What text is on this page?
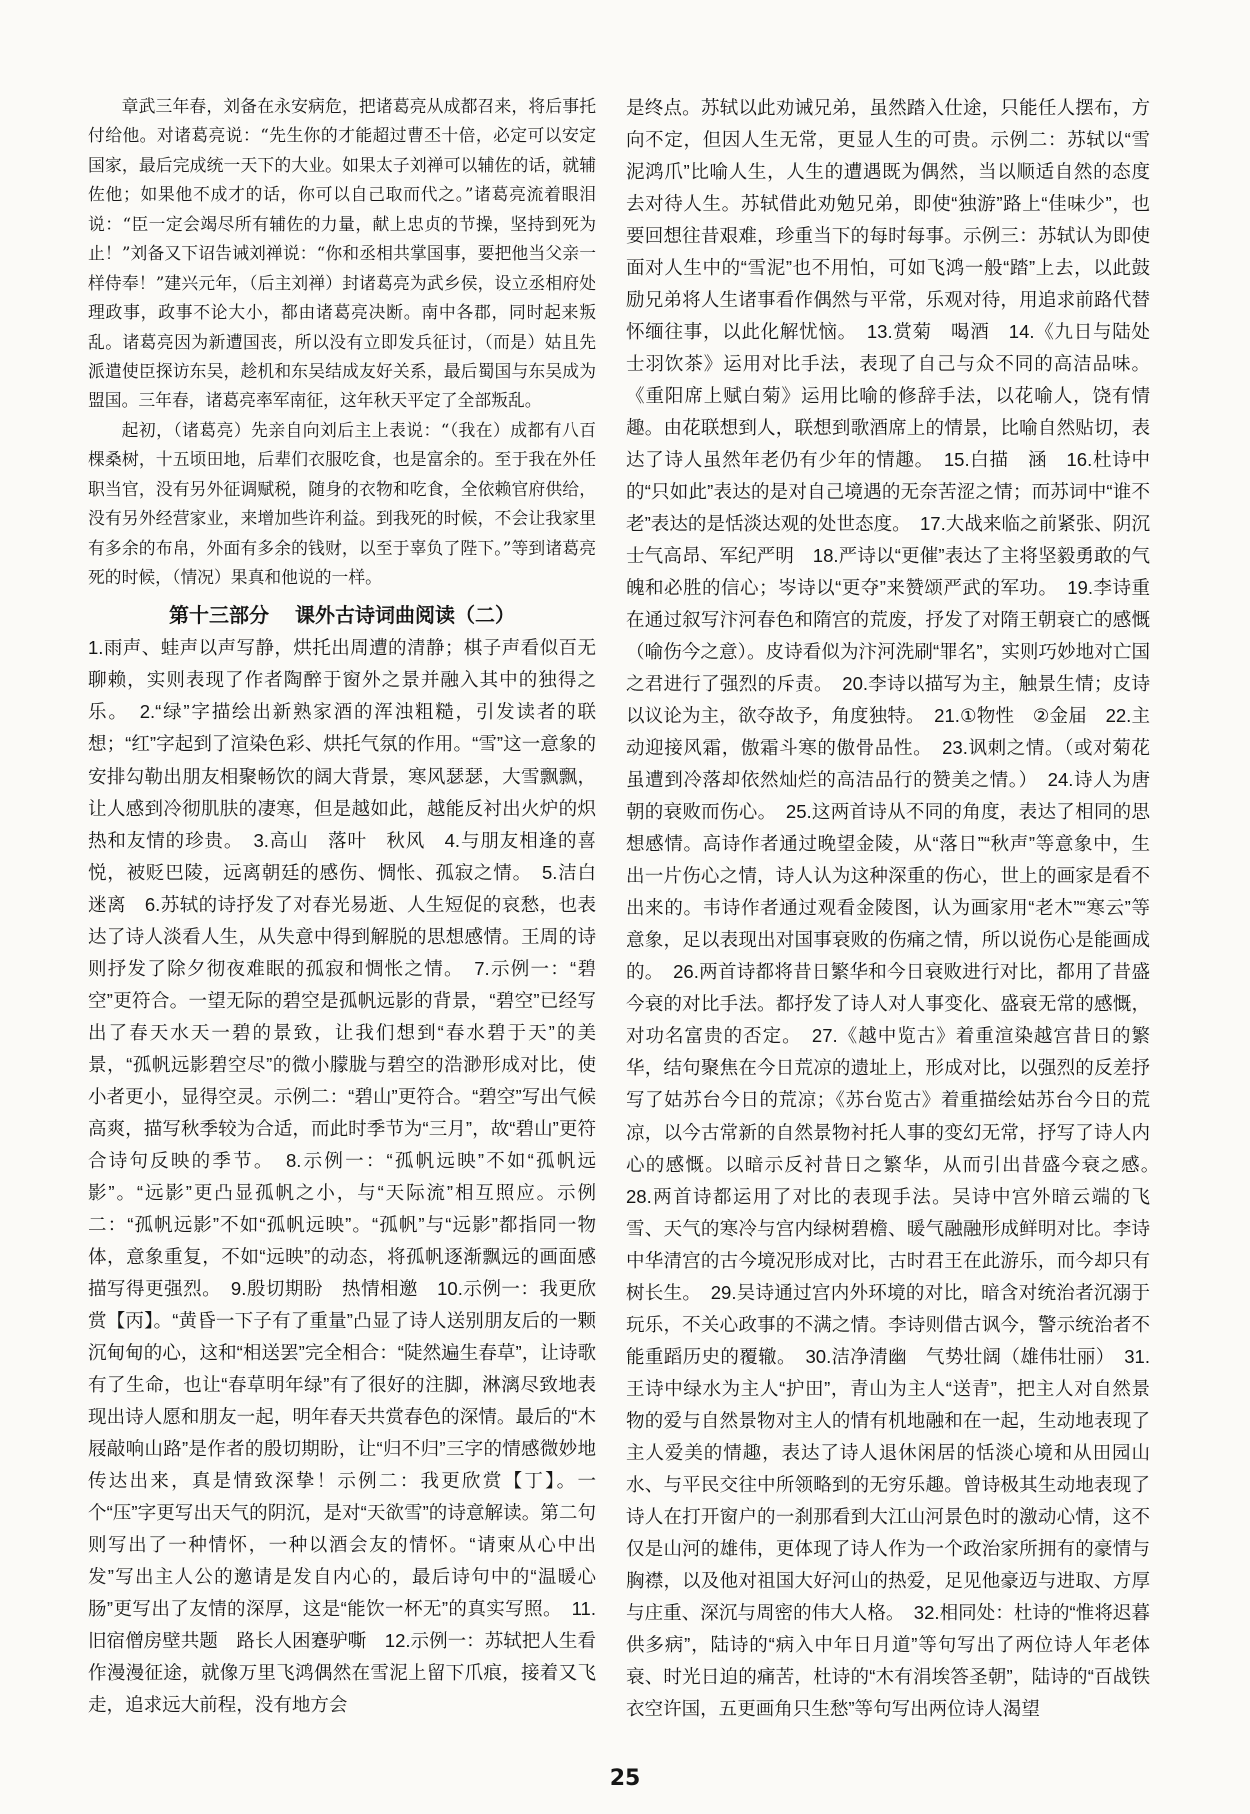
章武三年春，刘备在永安病危，把诸葛亮从成都召来，将后事托付给他。对诸葛亮说：“先生你的才能超过曹丕十倍，必定可以安定国家，最后完成统一天下的大业。如果太子刘禅可以辅佐的话，就辅佐他；如果他不成才的话，你可以自己取而代之。”诸葛亮流着眼泪说：“臣一定会竭尽所有辅佐的力量，献上忠贞的节操，坚持到死为止！”刘备又下诏告诫刘禅说：“你和丞相共掌国事，要把他当父亲一样侍奉！”建兴元年，（后主刘禅）封诸葛亮为武乡侯，设立丞相府处理政事，政事不论大小，都由诸葛亮决断。南中各郡，同时起来叛乱。诸葛亮因为新遭国丧，所以没有立即发兵征讨，（而是）姑且先派遣使臣探访东吴，趁机和东吴结成友好关系，最后蜀国与东吴成为盟国。三年春，诸葛亮率军南征，这年秋天平定了全部叛乱。

起初，（诸葛亮）先亲自向刘后主上表说：“（我在）成都有八百棵桑树，十五顷田地，后辈们衣服吃食，也是富余的。至于我在外任职当官，没有另外征调赋税，随身的衣物和吃食，全依赖官府供给，没有另外经营家业，来增加些许利益。到我死的时候，不会让我家里有多余的布帛，外面有多余的钱财，以至于辜负了陛下。”等到诸葛亮死的时候，（情况）果真和他说的一样。

第十三部分 课外古诗词曲阅读（二）

1.雨声、蛙声以声写静，烘托出周遭的清静；棋子声看似百无聊赖，实则表现了作者陶醉于窗外之景并融入其中的独得之乐。　2.“绿”字描绘出新熟家酒的浑浊粗糙，引发读者的联想；“红”字起到了渲染色彩、烘托气氛的作用。“雪”这一意象的安排勾勒出朋友相聚畅饮的阔大背景，寒风瑟瑟，大雪飘飘，让人感到冷彻肌肤的凄寒，但是越如此，越能反衬出火炉的炽热和友情的珍贵。　3.高山　落叶　秋风　4.与朋友相逢的喜悦，被贬巴陵，远离朝廷的感伤、惆怅、孤寂之情。　5.洁白　迷离　6.苏轼的诗抒发了对春光易逝、人生短促的哀愁，也表达了诗人淡看人生，从失意中得到解脱的思想感情。王周的诗则抒发了除夕彻夜难眠的孤寂和惆怅之情。　7.示例一：“碧空”更符合。一望无际的碧空是孤帆远影的背景，“碧空”已经写出了春天水天一碧的景致，让我们想到“春水碧于天”的美景，“孤帆远影碧空尽”的微小朦胧与碧空的浩渺形成对比，使小者更小，显得空灵。示例二：“碧山”更符合。“碧空”写出气候高爽，描写秋季较为合适，而此时季节为“三月”，故“碧山”更符合诗句反映的季节。　8.示例一：“孤帆远映”不如“孤帆远影”。“远影”更凸显孤帆之小，与“天际流”相互照应。示例二：“孤帆远影”不如“孤帆远映”。“孤帆”与“远影”都指同一物体，意象重复，不如“远映”的动态，将孤帆逐渐飘远的画面感描写得更强烈。　9.殷切期盼　热情相邀　10.示例一：我更欣赏【丙】。“黄昏一下子有了重量”凸显了诗人送别朋友后的一颗沉甸甸的心，这和“相送罢”完全相合：“陡然遍生春草”，让诗歌有了生命，也让“春草明年绿”有了很好的注脚，淋漓尽致地表现出诗人愿和朋友一起，明年春天共赏春色的深情。最后的“木屐敲响山路”是作者的殷切期盼，让“归不归”三字的情感微妙地传达出来，真是情致深挚！示例二：我更欣赏【丁】。一个“压”字更写出天气的阴沉，是对“天欲雪”的诗意解读。第二句则写出了一种情怀，一种以酒会友的情怀。“请柬从心中出发”写出主人公的邀请是发自内心的，最后诗句中的“温暖心肠”更写出了友情的深厚，这是“能饮一杯无”的真实写照。　11.旧宿僧房壁共题　路长人困蹇驴嘶　12.示例一：苏轼把人生看作漫漫征途，就像万里飞鸿偶然在雪泥上留下爪痕，接着又飞走，追求远大前程，没有地方会

是终点。苏轼以此劝诫兄弟，虽然踏入仕途，只能任人摆布，方向不定，但因人生无常，更显人生的可贵。示例二：苏轼以“雪泥鸿爪”比喻人生，人生的遭遇既为偶然，当以顺适自然的态度去对待人生。苏轼借此劝勉兄弟，即使“独游”路上“佳味少”，也要回想往昔艰难，珍重当下的每时每事。示例三：苏轼认为即使面对人生中的“雪泥”也不用怕，可如飞鸿一般“踏”上去，以此鼓励兄弟将人生诸事看作偶然与平常，乐观对待，用追求前路代替怀缅往事，以此化解忧恼。　13.赏菊　喝酒　14.《九日与陆处士羽饮茶》运用对比手法，表现了自己与众不同的高洁品味。《重阳席上赋白菊》运用比喻的修辞手法，以花喻人，饶有情趣。由花联想到人，联想到歌酒席上的情景，比喻自然贴切，表达了诗人虽然年老仍有少年的情趣。　15.白描　涵　16.杜诗中的“只如此”表达的是对自己境遇的无奈苦涩之情；而苏词中“谁不老”表达的是恬淡达观的处世态度。　17.大战来临之前紧张、阴沉　士气高昂、军纪严明　18.严诗以“更催”表达了主将坚毅勇敢的气魄和必胜的信心；岑诗以“更夺”来赞颂严武的军功。　19.李诗重在通过叙写汴河春色和隋宫的荒废，抒发了对隋王朝衰亡的感慨（喻伤今之意）。皮诗看似为汴河洗刷“罪名”，实则巧妙地对亡国之君进行了强烈的斥责。　20.李诗以描写为主，触景生情；皮诗以议论为主，欲夺故予，角度独特。　21.①物性　②金届　22.主动迎接风霜，傲霜斗寒的傲骨品性。　23.讽刺之情。（或对菊花虽遭到冷落却依然灿烂的高洁品行的赞美之情。）　24.诗人为唐朝的衰败而伤心。　25.这两首诗从不同的角度，表达了相同的思想感情。高诗作者通过晚望金陵，从“落日”“秋声”等意象中，生出一片伤心之情，诗人认为这种深重的伤心，世上的画家是看不出来的。韦诗作者通过观看金陵图，认为画家用“老木”“寒云”等意象，足以表现出对国事衰败的伤痛之情，所以说伤心是能画成的。　26.两首诗都将昔日繁华和今日衰败进行对比，都用了昔盛今衰的对比手法。都抒发了诗人对人事变化、盛衰无常的感慨，对功名富贵的否定。　27.《越中览古》着重渲染越宫昔日的繁华，结句聚焦在今日荒凉的遗址上，形成对比，以强烈的反差抒写了姑苏台今日的荒凉；《苏台览古》着重描绘姑苏台今日的荒凉，以今古常新的自然景物衬托人事的变幻无常，抒写了诗人内心的感慨。以暗示反衬昔日之繁华，从而引出昔盛今衰之感。　28.两首诗都运用了对比的表现手法。吴诗中宫外暗云端的飞雪、天气的寒冷与宫内绿树碧檐、暖气融融形成鲜明对比。李诗中华清宫的古今境况形成对比，古时君王在此游乐，而今却只有树长生。　29.吴诗通过宫内外环境的对比，暗含对统治者沉溺于玩乐，不关心政事的不满之情。李诗则借古讽今，警示统治者不能重蹈历史的覆辙。　30.洁净清幽　气势壮阔（雄伟壮丽）　31.王诗中绿水为主人“护田”，青山为主人“送青”，把主人对自然景物的爱与自然景物对主人的情有机地融和在一起，生动地表现了主人爱美的情趣，表达了诗人退休闲居的恬淡心境和从田园山水、与平民交往中所领略到的无穷乐趣。曾诗极其生动地表现了诗人在打开窗户的一刹那看到大江山河景色时的激动心情，这不仅是山河的雄伟，更体现了诗人作为一个政治家所拥有的豪情与胸襟，以及他对祖国大好河山的热爱，足见他豪迈与进取、方厚与庄重、深沉与周密的伟大人格。　32.相同处：杜诗的“惟将迟暮供多病”，陆诗的“病入中年日月道”等句写出了两位诗人年老体衰、时光日迫的痛苦，杜诗的“木有涓埃答圣朝”，陆诗的“百战铁衣空许国，五更画角只生愁”等句写出两位诗人渴望

25
